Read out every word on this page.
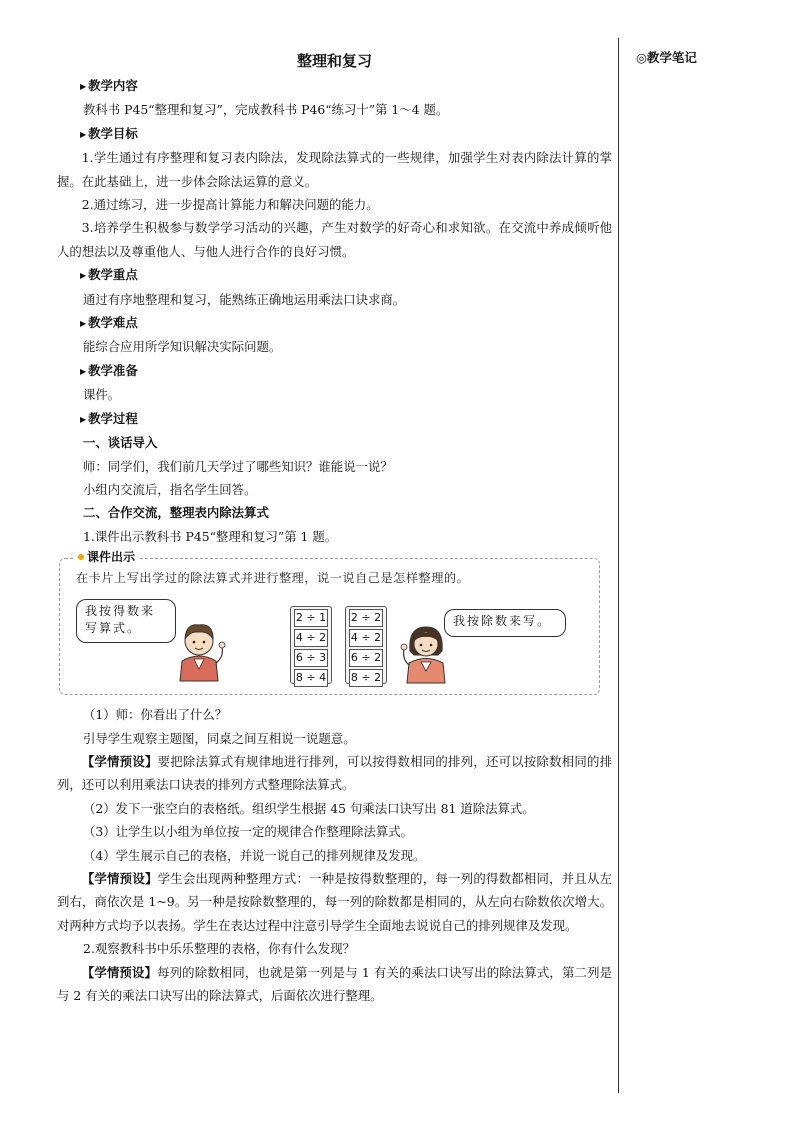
◎教学笔记
整理和复习
▶ 教学内容
教科书 P45“整理和复习”，完成教科书 P46“练习十”第 1～4 题。
▶ 教学目标
1.学生通过有序整理和复习表内除法，发现除法算式的一些规律，加强学生对表内除法计算的掌握。在此基础上，进一步体会除法运算的意义。
2.通过练习，进一步提高计算能力和解决问题的能力。
3.培养学生积极参与数学学习活动的兴趣，产生对数学的好奇心和求知欲。在交流中养成倾听他人的想法以及尊重他人、与他人进行合作的良好习惯。
▶ 教学重点
通过有序地整理和复习，能熟练正确地运用乘法口诀求商。
▶ 教学难点
能综合应用所学知识解决实际问题。
▶ 教学准备
课件。
▶ 教学过程
一、谈话导入
师：同学们，我们前几天学过了哪些知识？谁能说一说？
小组内交流后，指名学生回答。
二、合作交流，整理表内除法算式
1.课件出示教科书 P45“整理和复习”第 1 题。
课件出示
在卡片上写出学过的除法算式并进行整理，说一说自己是怎样整理的。
我按得数来写算式。	我按除数来写。
2 ÷ 1
4 ÷ 2
6 ÷ 3
8 ÷ 4
2 ÷ 2
4 ÷ 2
6 ÷ 2
8 ÷ 2
（1）师：你看出了什么？
引导学生观察主题图，同桌之间互相说一说题意。
【学情预设】要把除法算式有规律地进行排列，可以按得数相同的排列，还可以按除数相同的排列，还可以利用乘法口诀表的排列方式整理除法算式。
（2）发下一张空白的表格纸。组织学生根据 45 句乘法口诀写出 81 道除法算式。
（3）让学生以小组为单位按一定的规律合作整理除法算式。
（4）学生展示自己的表格，并说一说自己的排列规律及发现。
【学情预设】学生会出现两种整理方式：一种是按得数整理的，每一列的得数都相同，并且从左到右，商依次是 1~9。另一种是按除数整理的，每一列的除数都是相同的，从左向右除数依次增大。对两种方式均予以表扬。学生在表达过程中注意引导学生全面地去说说自己的排列规律及发现。
2.观察教科书中乐乐整理的表格，你有什么发现？
【学情预设】每列的除数相同，也就是第一列是与 1 有关的乘法口诀写出的除法算式，第二列是与 2 有关的乘法口诀写出的除法算式，后面依次进行整理。
